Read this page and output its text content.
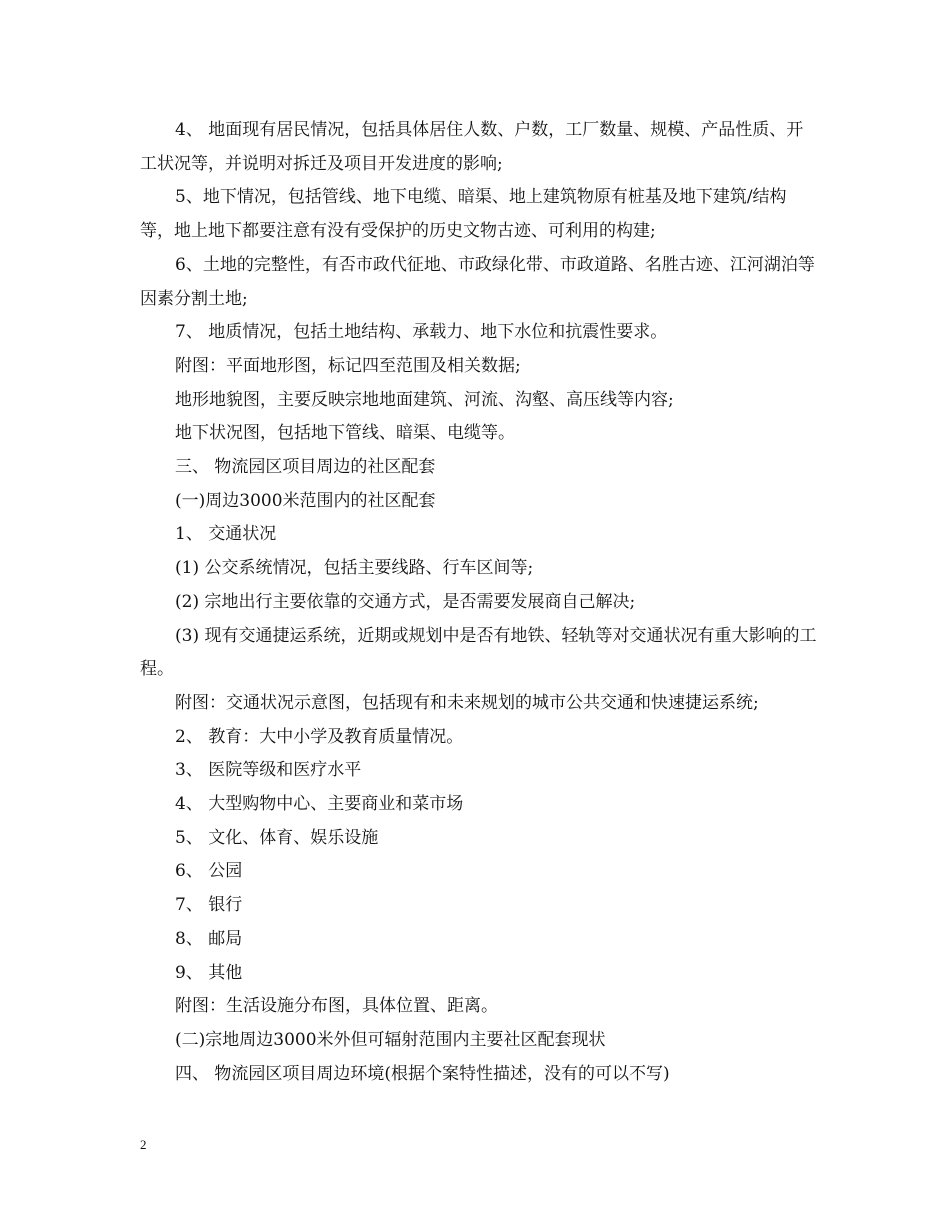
4、 地面现有居民情况，包括具体居住人数、户数，工厂数量、规模、产品性质、开工状况等，并说明对拆迁及项目开发进度的影响;

5、地下情况，包括管线、地下电缆、暗渠、地上建筑物原有桩基及地下建筑/结构等，地上地下都要注意有没有受保护的历史文物古迹、可利用的构建;

6、土地的完整性，有否市政代征地、市政绿化带、市政道路、名胜古迹、江河湖泊等因素分割土地;

7、 地质情况，包括土地结构、承载力、地下水位和抗震性要求。

附图：平面地形图，标记四至范围及相关数据;

地形地貌图，主要反映宗地地面建筑、河流、沟壑、高压线等内容;

地下状况图，包括地下管线、暗渠、电缆等。

三、 物流园区项目周边的社区配套

(一)周边3000米范围内的社区配套

1、 交通状况

(1) 公交系统情况，包括主要线路、行车区间等;

(2) 宗地出行主要依靠的交通方式，是否需要发展商自己解决;

(3) 现有交通捷运系统，近期或规划中是否有地铁、轻轨等对交通状况有重大影响的工程。

附图：交通状况示意图，包括现有和未来规划的城市公共交通和快速捷运系统;

2、 教育：大中小学及教育质量情况。

3、 医院等级和医疗水平

4、 大型购物中心、主要商业和菜市场

5、 文化、体育、娱乐设施

6、 公园

7、 银行

8、 邮局

9、 其他

附图：生活设施分布图，具体位置、距离。

(二)宗地周边3000米外但可辐射范围内主要社区配套现状

四、 物流园区项目周边环境(根据个案特性描述，没有的可以不写)

2
